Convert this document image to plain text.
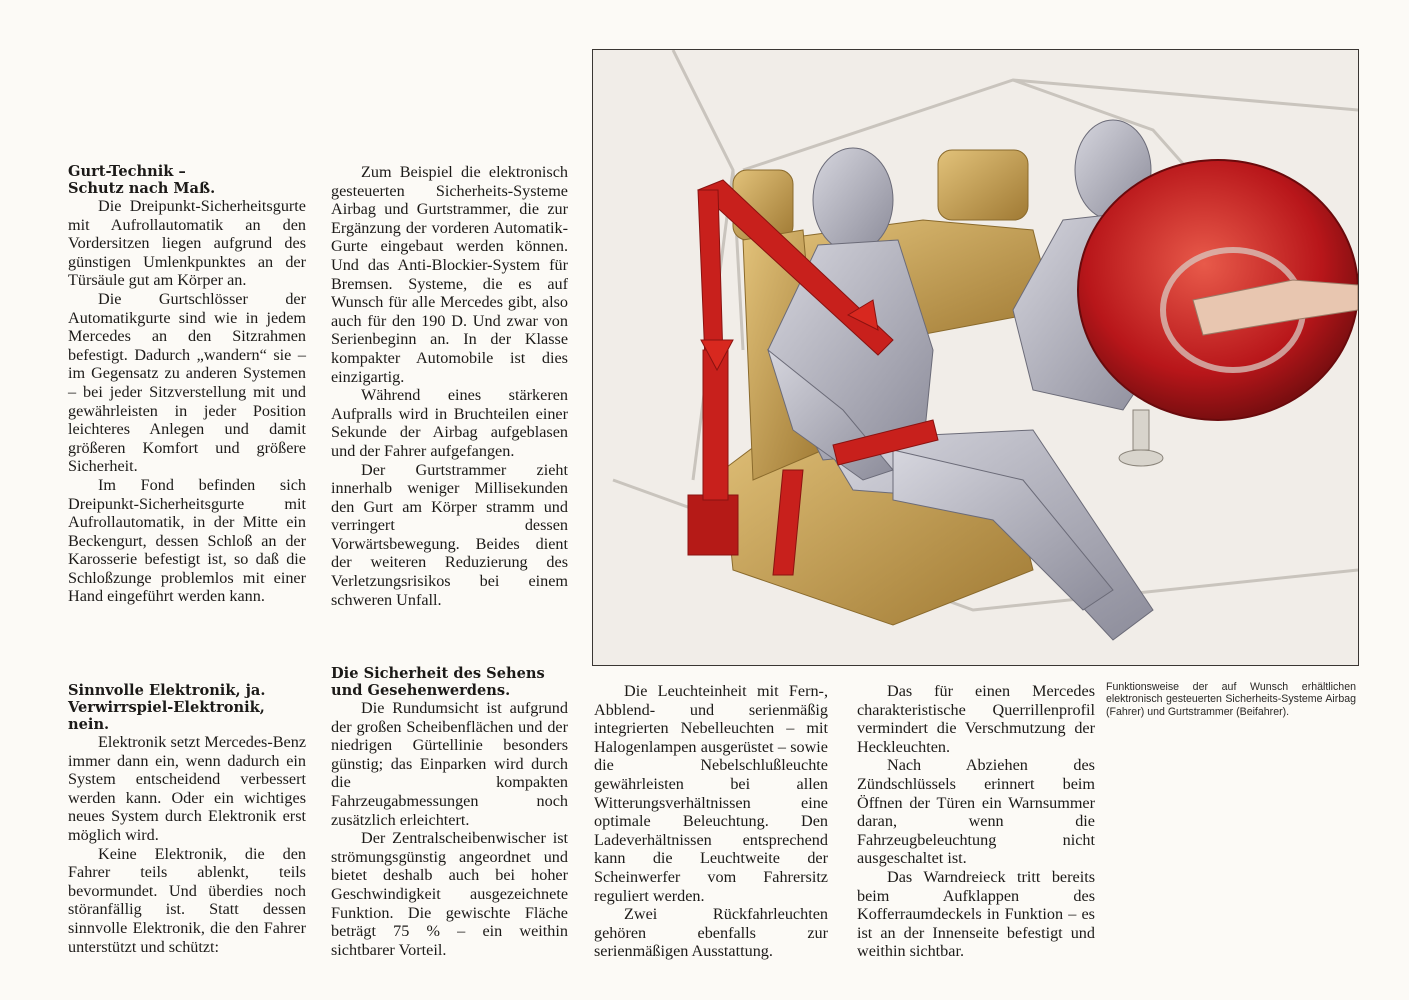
Gurt-Technik –
Schutz nach Maß.

Die Dreipunkt-Sicherheitsgurte mit Aufrollautomatik an den Vordersitzen liegen aufgrund des günstigen Umlenkpunktes an der Türsäule gut am Körper an.

Die Gurtschlösser der Automatikgurte sind wie in jedem Mercedes an den Sitzrahmen befestigt. Dadurch „wandern“ sie – im Gegensatz zu anderen Systemen – bei jeder Sitzverstellung mit und gewährleisten in jeder Position leichteres Anlegen und damit größeren Komfort und größere Sicherheit.

Im Fond befinden sich Dreipunkt-Sicherheitsgurte mit Aufrollautomatik, in der Mitte ein Beckengurt, dessen Schloß an der Karosserie befestigt ist, so daß die Schloßzunge problemlos mit einer Hand eingeführt werden kann.

Sinnvolle Elektronik, ja.
Verwirrspiel-Elektronik, nein.

Elektronik setzt Mercedes-Benz immer dann ein, wenn dadurch ein System entscheidend verbessert werden kann. Oder ein wichtiges neues System durch Elektronik erst möglich wird.

Keine Elektronik, die den Fahrer teils ablenkt, teils bevormundet. Und überdies noch störanfällig ist. Statt dessen sinnvolle Elektronik, die den Fahrer unterstützt und schützt:

Zum Beispiel die elektronisch gesteuerten Sicherheits-Systeme Airbag und Gurtstrammer, die zur Ergänzung der vorderen Automatik-Gurte eingebaut werden können. Und das Anti-Blockier-System für Bremsen. Systeme, die es auf Wunsch für alle Mercedes gibt, also auch für den 190 D. Und zwar von Serienbeginn an. In der Klasse kompakter Automobile ist dies einzigartig.

Während eines stärkeren Aufpralls wird in Bruchteilen einer Sekunde der Airbag aufgeblasen und der Fahrer aufgefangen.

Der Gurtstrammer zieht innerhalb weniger Millisekunden den Gurt am Körper stramm und verringert dessen Vorwärtsbewegung. Beides dient der weiteren Reduzierung des Verletzungsrisikos bei einem schweren Unfall.

Die Sicherheit des Sehens
und Gesehenwerdens.

Die Rundumsicht ist aufgrund der großen Scheibenflächen und der niedrigen Gürtellinie besonders günstig; das Einparken wird durch die kompakten Fahrzeugabmessungen noch zusätzlich erleichtert.

Der Zentralscheibenwischer ist strömungsgünstig angeordnet und bietet deshalb auch bei hoher Geschwindigkeit ausgezeichnete Funktion. Die gewischte Fläche beträgt 75 % – ein weithin sichtbarer Vorteil.

Die Leuchteinheit mit Fern-, Abblend- und serienmäßig integrierten Nebelleuchten – mit Halogenlampen ausgerüstet – sowie die Nebelschlußleuchte gewährleisten bei allen Witterungsverhältnissen eine optimale Beleuchtung. Den Ladeverhältnissen entsprechend kann die Leuchtweite der Scheinwerfer vom Fahrersitz reguliert werden.

Zwei Rückfahrleuchten gehören ebenfalls zur serienmäßigen Ausstattung.

Das für einen Mercedes charakteristische Querrillenprofil vermindert die Verschmutzung der Heckleuchten.

Nach Abziehen des Zündschlüssels erinnert beim Öffnen der Türen ein Warnsummer daran, wenn die Fahrzeugbeleuchtung nicht ausgeschaltet ist.

Das Warndreieck tritt bereits beim Aufklappen des Kofferraumdeckels in Funktion – es ist an der Innenseite befestigt und weithin sichtbar.

Funktionsweise der auf Wunsch erhältlichen elektronisch gesteuerten Sicherheits-Systeme Airbag (Fahrer) und Gurtstrammer (Beifahrer).
